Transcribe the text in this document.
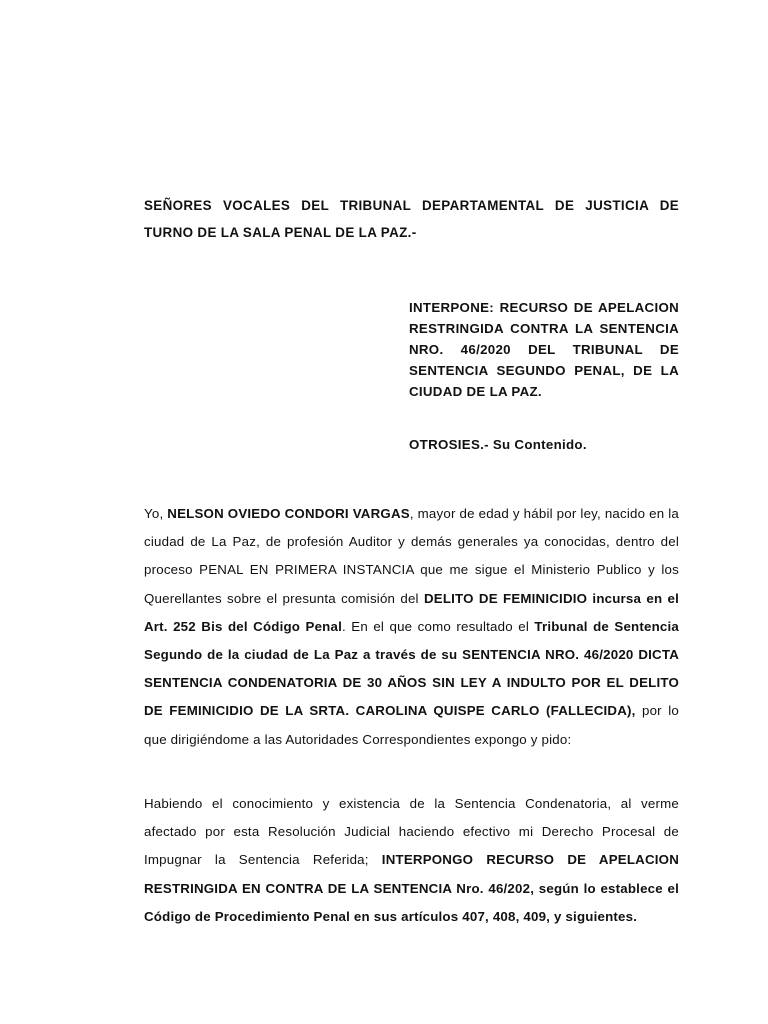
SEÑORES VOCALES DEL TRIBUNAL DEPARTAMENTAL DE JUSTICIA DE TURNO DE LA SALA PENAL DE LA PAZ.-
INTERPONE: RECURSO DE APELACION RESTRINGIDA CONTRA LA SENTENCIA NRO. 46/2020 DEL TRIBUNAL DE SENTENCIA SEGUNDO PENAL, DE LA CIUDAD DE LA PAZ.
OTROSIES.- Su Contenido.
Yo, NELSON OVIEDO CONDORI VARGAS, mayor de edad y hábil por ley, nacido en la ciudad de La Paz, de profesión Auditor y demás generales ya conocidas, dentro del proceso PENAL EN PRIMERA INSTANCIA que me sigue el Ministerio Publico y los Querellantes sobre el presunta comisión del DELITO DE FEMINICIDIO incursa en el Art. 252 Bis del Código Penal. En el que como resultado el Tribunal de Sentencia Segundo de la ciudad de La Paz a través de su SENTENCIA NRO. 46/2020 DICTA SENTENCIA CONDENATORIA DE 30 AÑOS SIN LEY A INDULTO POR EL DELITO DE FEMINICIDIO DE LA SRTA. CAROLINA QUISPE CARLO (FALLECIDA), por lo que dirigiéndome a las Autoridades Correspondientes expongo y pido:
Habiendo el conocimiento y existencia de la Sentencia Condenatoria, al verme afectado por esta Resolución Judicial haciendo efectivo mi Derecho Procesal de Impugnar la Sentencia Referida; INTERPONGO RECURSO DE APELACION RESTRINGIDA EN CONTRA DE LA SENTENCIA Nro. 46/202, según lo establece el Código de Procedimiento Penal en sus artículos 407, 408, 409, y siguientes.
